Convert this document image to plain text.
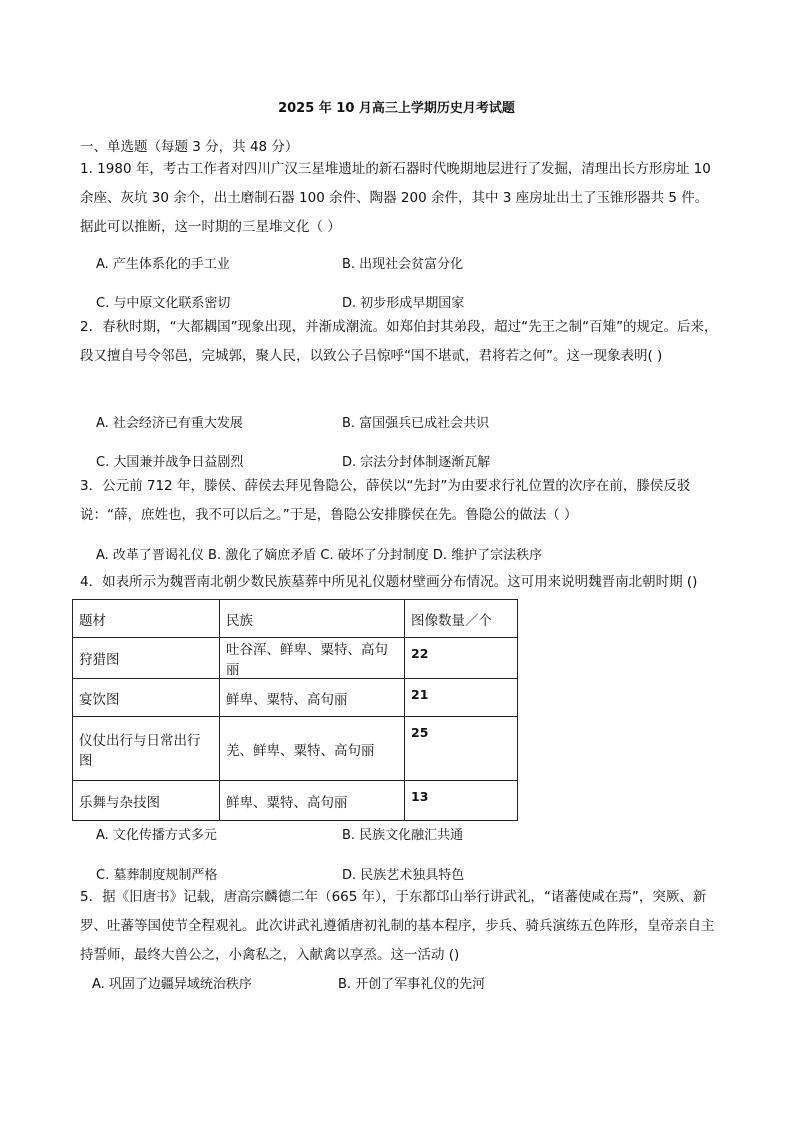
2025 年 10 月高三上学期历史月考试题
一、单选题（每题 3 分，共 48 分）

1. 1980 年，考古工作者对四川广汉三星堆遗址的新石器时代晚期地层进行了发掘，清理出长方形房址 10 余座、灰坑 30 余个，出土磨制石器 100 余件、陶器 200 余件，其中 3 座房址出土了玉锥形器共 5 件。据此可以推断，这一时期的三星堆文化（ ）

A. 产生体系化的手工业	B. 出现社会贫富分化
C. 与中原文化联系密切	D. 初步形成早期国家

2．春秋时期，“大都耦国”现象出现，并渐成潮流。如郑伯封其弟段，超过“先王之制“百雉”的规定。后来，段又擅自号令邻邑，完城郭，聚人民，以致公子吕惊呼“国不堪贰，君将若之何”。这一现象表明( )

A. 社会经济已有重大发展	B. 富国强兵已成社会共识
C. 大国兼并战争日益剧烈	D. 宗法分封体制逐渐瓦解

3．公元前 712 年，滕侯、薛侯去拜见鲁隐公，薛侯以“先封”为由要求行礼位置的次序在前，滕侯反驳说：“薛，庶姓也，我不可以后之。”于是，鲁隐公安排滕侯在先。鲁隐公的做法（ ）

A. 改革了晋谒礼仪 B. 激化了嫡庶矛盾 C. 破坏了分封制度 D. 维护了宗法秩序

4．如表所示为魏晋南北朝少数民族墓葬中所见礼仪题材壁画分布情况。这可用来说明魏晋南北朝时期 ()

题材	民族	图像数量／个
狩猎图	吐谷浑、鲜卑、粟特、高句丽	22
宴饮图	鲜卑、粟特、高句丽	21
仪仗出行与日常出行图	羌、鲜卑、粟特、高句丽	25
乐舞与杂技图	鲜卑、粟特、高句丽	13
A. 文化传播方式多元	B. 民族文化融汇共通
C. 墓葬制度规制严格	D. 民族艺术独具特色

5．据《旧唐书》记载，唐高宗麟德二年（665 年），于东都邙山举行讲武礼，“诸蕃使咸在焉”，突厥、新罗、吐蕃等国使节全程观礼。此次讲武礼遵循唐初礼制的基本程序，步兵、骑兵演练五色阵形，皇帝亲自主持誓师，最终大兽公之，小禽私之，入献禽以享烝。这一活动 ()

A. 巩固了边疆异域统治秩序	B. 开创了军事礼仪的先河
